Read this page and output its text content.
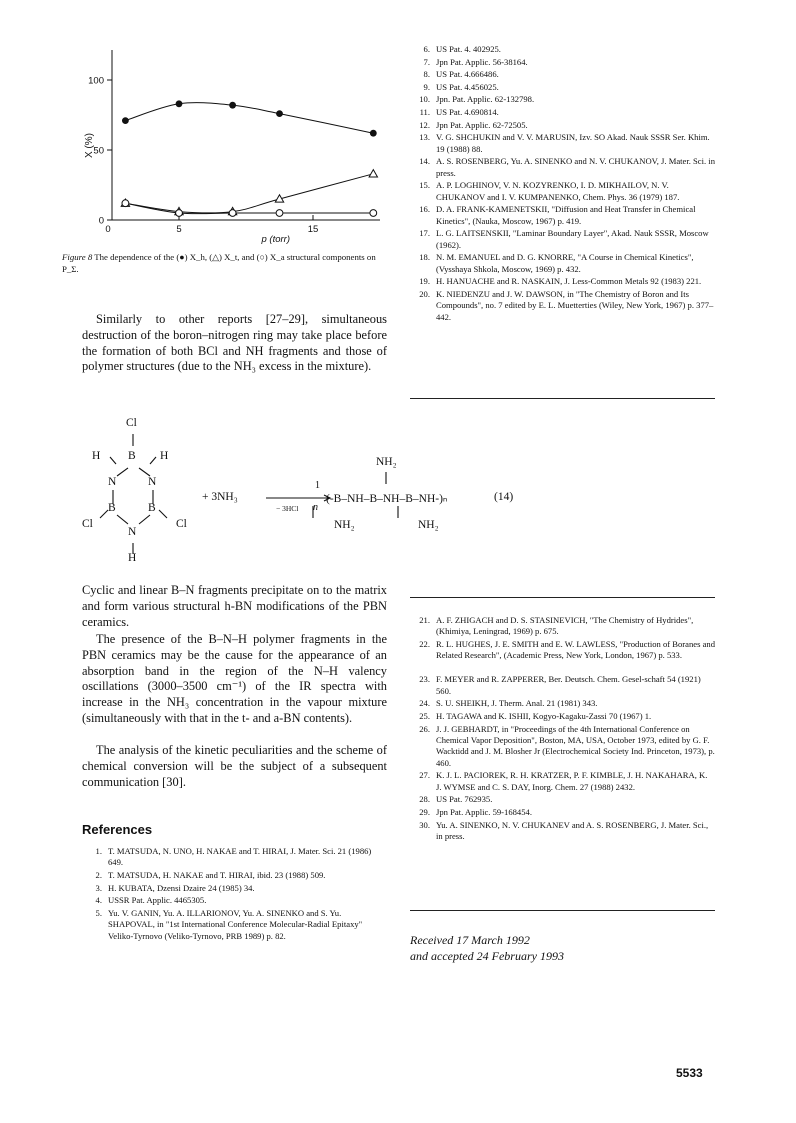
0
50
100
0	5	15
X (%)
p (torr)
Figure 8 The dependence of the (●) X_h, (△) X_t, and (○) X_a structural components on P_Σ.

Similarly to other reports [27–29], simultaneous destruction of the boron–nitrogen ring may take place before the formation of both BCl and NH fragments and those of polymer structures (due to the NH₃ excess in the mixture).

6. US Pat. 4. 402925.
7. Jpn Pat. Applic. 56-38164.
8. US Pat. 4.666486.
9. US Pat. 4.456025.
10. Jpn. Pat. Applic. 62-132798.
11. US Pat. 4.690814.
12. Jpn Pat. Applic. 62-72505.
13. V. G. SHCHUKIN and V. V. MARUSIN, Izv. SO Akad. Nauk SSSR Ser. Khim. 19 (1988) 88.
14. A. S. ROSENBERG, Yu. A. SINENKO and N. V. CHUKANOV, J. Mater. Sci. in press.
15. A. P. LOGHINOV, V. N. KOZYRENKO, I. D. MIKHAILOV, N. V. CHUKANOV and I. V. KUMPANENKO, Chem. Phys. 36 (1979) 187.
16. D. A. FRANK-KAMENETSKII, "Diffusion and Heat Transfer in Chemical Kinetics", (Nauka, Moscow, 1967) p. 419.
17. L. G. LAITSENSKII, "Laminar Boundary Layer", Akad. Nauk SSSR, Moscow (1962).
18. N. M. EMANUEL and D. G. KNORRE, "A Course in Chemical Kinetics", (Vysshaya Shkola, Moscow, 1969) p. 432.
19. H. HANUACHE and R. NASKAIN, J. Less-Common Metals 92 (1983) 221.
20. K. NIEDENZU and J. W. DAWSON, in "The Chemistry of Boron and Its Compounds", no. 7 edited by E. L. Muetterties (Wiley, New York, 1967) p. 377–442.
Cl
H B H
N	N
B	B
Cl
N
Cl
H
+ 3NH₃
− 3HCl
1
n
(-B–NH–B–NH–B–NH-)ₙ
NH₂
NH₂	NH₂
(14)

Cyclic and linear B–N fragments precipitate on to the matrix and form various structural h-BN modifications of the PBN ceramics.

The presence of the B–N–H polymer fragments in the PBN ceramics may be the cause for the appearance of an absorption band in the region of the N–H valency oscillations (3000–3500 cm⁻¹) of the IR spectra with increase in the NH₃ concentration in the vapour mixture (simultaneously with that in the t- and a-BN contents).

The analysis of the kinetic peculiarities and the scheme of chemical conversion will be the subject of a subsequent communication [30].

References
1. T. MATSUDA, N. UNO, H. NAKAE and T. HIRAI, J. Mater. Sci. 21 (1986) 649.
2. T. MATSUDA, H. NAKAE and T. HIRAI, ibid. 23 (1988) 509.
3. H. KUBATA, Dzensi Dzaire 24 (1985) 34.
4. USSR Pat. Applic. 4465305.
5. Yu. V. GANIN, Yu. A. ILLARIONOV, Yu. A. SINENKO and S. Yu. SHAPOVAL, in "1st International Conference Molecular-Radial Epitaxy" Veliko-Tyrnovo (Veliko-Tyrnovo, PRB 1989) p. 82.
21. A. F. ZHIGACH and D. S. STASINEVICH, "The Chemistry of Hydrides", (Khimiya, Leningrad, 1969) p. 675.
22. R. L. HUGHES, J. E. SMITH and E. W. LAWLESS, "Production of Boranes and Related Research", (Academic Press, New York, London, 1967) p. 533.
23. F. MEYER and R. ZAPPERER, Ber. Deutsch. Chem. Gesel-schaft 54 (1921) 560.
24. S. U. SHEIKH, J. Therm. Anal. 21 (1981) 343.
25. H. TAGAWA and K. ISHII, Kogyo-Kagaku-Zassi 70 (1967) 1.
26. J. J. GEBHARDT, in "Proceedings of the 4th International Conference on Chemical Vapor Deposition", Boston, MA, USA, October 1973, edited by G. F. Wacktidd and J. M. Blosher Jr (Electrochemical Society Ind. Princeton, 1973), p. 460.
27. K. J. L. PACIOREK, R. H. KRATZER, P. F. KIMBLE, J. H. NAKAHARA, K. J. WYMSE and C. S. DAY, Inorg. Chem. 27 (1988) 2432.
28. US Pat. 762935.
29. Jpn Pat. Applic. 59-168454.
30. Yu. A. SINENKO, N. V. CHUKANEV and A. S. ROSENBERG, J. Mater. Sci., in press.
Received 17 March 1992
and accepted 24 February 1993
5533
